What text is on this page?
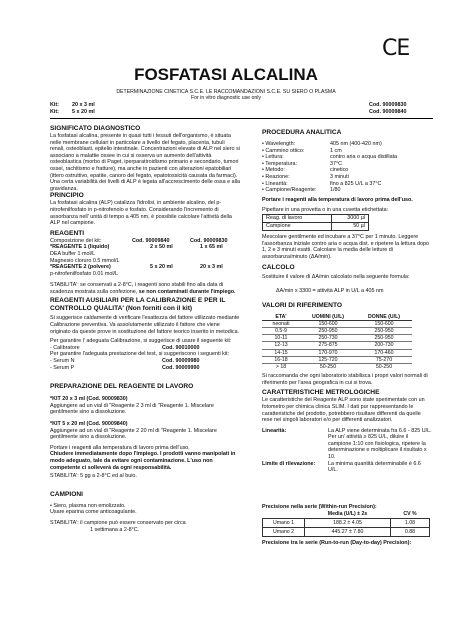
CE
FOSFATASI ALCALINA
DETERMINAZIONE CINETICA S.C.E. LE RACCOMANDAZIONI S.C.E. SU SIERO O PLASMA
For in vitro diagnostic use only
Kit: 20 x 3 ml	Cod. 90009830
Kit: 5 x 20 ml	Cod. 90009840
SIGNIFICATO DIAGNOSTICO

La fosfatasi alcalina, presente in quasi tutti i tessuti dell'organismo, è situata nelle membrane cellulari in particolare a livello del fegato, placenta, tubuli renali, osteoblasti, epitelio intestinale. Concentrazioni elevate di ALP nel siero si associano a malattie ossee in cui si osserva un aumento dell'attività osteoblastica (morbo di Paget, iperparatiroidismo primario e secondario, tumori ossei, rachitismo e fratture), ma anche in pazienti con alterazioni epatobiliari (ittero ostruttivo, epatite, canoro del fegato, epatotossicità causata da farmaci). Una certa variabilità dei livelli di ALP è legata all'accrescimento delle ossa e alla gravidanza.

PRINCIPIO

La fosfatasi alcalina (ALP) catalizza l'idrolisi, in ambiente alcalino, del p-nitrofenilfosfato in p-nitrofenolo e fosfato. Considerando l'incremento di assorbanza nell' unità di tempo a 405 nm, è possibile calcolare l'attività della ALP nel campione.

REAGENTI
Composizione dei kit:	Cod. 90009840	Cod. 90009830
*REAGENTE 1 (liquido)	2 x 50 ml	1 x 65 ml

DEA buffer 1 mol/L

Magnesio cloruro 0.5 mmol/L

*REAGENTE 2 (polvere)	5 x 20 ml	20 x 3 ml

p-nitrofenilfosfato 0.01 mol/L

STABILITA': se conservati a 2-8°C, i reagenti sono stabili fino alla data di scadenza mostrata sulla confezione, se non contaminati durante l'impiego.

REAGENTI AUSILIARI PER LA CALIBRAZIONE E PER IL CONTROLLO QUALITA' (Non forniti con il kit)

Si suggerisce caldamente di verificare l'esattezza del fattore utilizzato mediante Calibrazione preventiva. Va assolutamente utilizzato il fattore che viene originato da queste prove in sostituzione del fattore teorico inserito in metodica.

Per garantire l' adeguata Calibrazione, si suggerisce di usare il seguente kit:

- Calibratore	Cod. 90010000

Per garantire l'adeguata prestazione del test, si suggeriscono i seguenti kit:

- Serum N	Cod. 90009980
- Serum P	Cod. 90009990
PREPARAZIONE DEL REAGENTE DI LAVORO

*KIT 20 x 3 ml (Cod. 90009830)

Aggiungere ad un vial di "Reagente 2 3 ml di "Reagente 1. Miscelare gentilmente sino a dissoluzione.

*KIT 5 x 20 ml (Cod. 90009840)

Aggiungere ad un vial di "Reagente 2 20 ml di "Reagente 1. Miscelare gentilmente sino a dissoluzione.

Portare i reagenti alla temperatura di lavoro prima dell'uso.

Chiudere immediatamente dopo l'impiego. I prodotti vanno manipolati in modo adeguato, tale da evitare ogni contaminazione. L'uso non competente ci solleverà da ogni responsabilità.

STABILITA': 5 gg a 2-8°C ed al buio.

CAMPIONI

• Siero, plasma non emolizzato.

Usare eparina come anticoagulante.

STABILITA': il campione può essere conservato per circa

1 settimana a 2-8°C.

PROCEDURA ANALITICA
• Wavelength:	405 nm (400-420 nm)
• Cammino ottico:	1 cm
• Lettura:	contro aria o acqua distillata
• Temperatura:	37°C
• Metodo:	cinetico
• Reazione:	3 minuti
• Linearità:	fino a 825 U/L a 37°C
• Campione/Reagente:	1/80

Portare i reagenti alla temperatura di lavoro prima dell'uso.

Pipettare in una provetta o in una cuvetta etichettata:

Reag. di lavoro	3000 µl
Campione	50 µl

Mescolare gentilmente ed incubare a 37°C per 1 minuto. Leggere l'assorbanza iniziale contro aria o acqua dist. e ripetere la lettura dopo 1, 2 e 3 minuti esatti. Calcolare la media delle letture di assorbanza/minuto (ΔA/min).

CALCOLO

Sostituire il valore di ΔA/min calcolato nella seguente formula:

ΔA/min x 3300 = attività ALP in U/L a 405 nm

VALORI DI RIFERIMENTO
ETA'	UOMINI (U/L)	DONNE (U/L)
neonati	150-600	150-600
0.5-9	250-950	250-950
10-11	250-730	250-950
12-13	275-875	200-730
14-15	170-970	170-460
16-18	125-720	75-270
> 18	50-250	50-250

Si raccomanda che ogni laboratorio stabilisca i propri valori normali di riferimento per l'area geografica in cui si trova.

CARATTERISTICHE METROLOGICHE

Le caratteristiche del Reagente ALP sono state sperimentate con un fotometro per chimica clinica SLIM. I dati pur rappresentando le caratteristiche del prodotto, potrebbero risultare differenti da quelle rese nei singoli laboratori e/o per differenti analizzatori.

Linearità:	La ALP viene determinata fra 6.6 - 825 U/L. Per un' attività ≥ 825 U/L, diluire il campione 1:10 con fisiologica, ripetere la determinazione e moltiplicare il risultato x 10.
Limite di rilevazione:	La minima quantità determinabile è 6.6 U/L.

Precisione nella serie (Within-run Precision):

	Media (U/L) ± 2s	CV %
Umano 1	188.2 ± 4.05	1.08
Umano 2	445.27 ± 7.80	0.88

Precisione tra le serie (Run-to-run (Day-to-day) Precision):
